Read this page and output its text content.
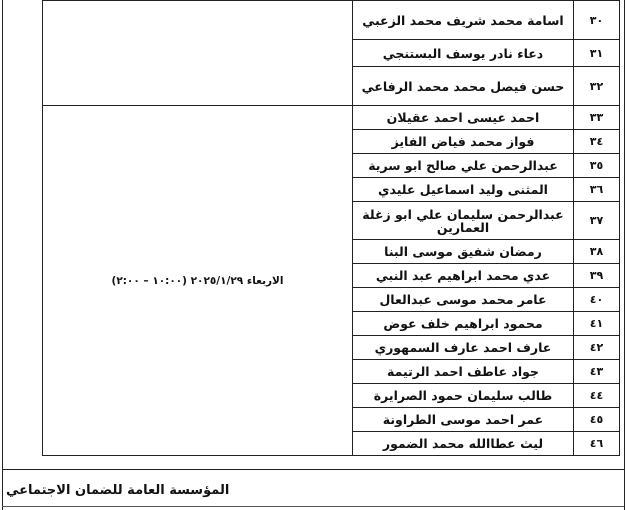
٣٠	اسامة محمد شريف محمد الزعبي	
٣١	دعاء نادر يوسف البستنجي	
٣٢	حسن فيصل محمد محمد الرفاعي	
٣٣	احمد عيسى احمد عقيلان	الاربعاء ٢٠٢٥/١/٢٩ (١٠:٠٠ – ٢:٠٠)
٣٤	فواز محمد فياض الفايز	
٣٥	عبدالرحمن علي صالح ابو سرية	
٣٦	المثنى وليد اسماعيل عليدي	
٣٧	عبدالرحمن سليمان علي ابو زغلة العمارين	
٣٨	رمضان شفيق موسى البنا	
٣٩	عدي محمد ابراهيم عبد النبي	
٤٠	عامر محمد موسى عبدالعال	
٤١	محمود ابراهيم خلف عوض	
٤٢	عارف احمد عارف السمهوري	
٤٣	جواد عاطف احمد الرتيمة	
٤٤	طالب سليمان حمود الصرايرة	
٤٥	عمر احمد موسى الطراونة	
٤٦	ليث عطاالله محمد الضمور	
المؤسسة العامة للضمان الاجتماعي
